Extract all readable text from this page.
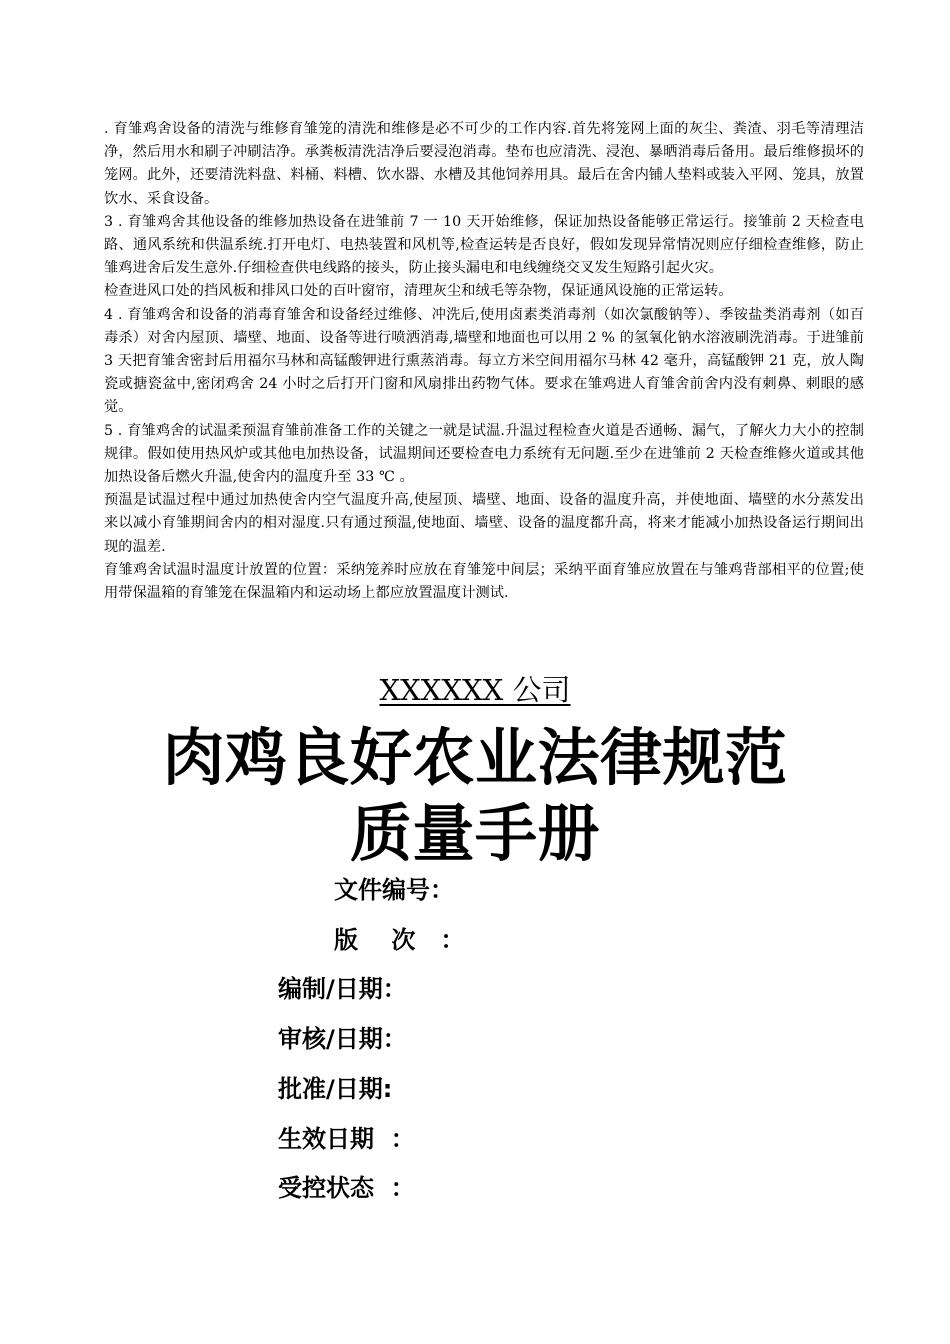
. 育雏鸡舍设备的清洗与维修育雏笼的清洗和维修是必不可少的工作内容.首先将笼网上面的灰尘、粪渣、羽毛等清理洁净，然后用水和刷子冲刷洁净。承粪板清洗洁净后要浸泡消毒。垫布也应清洗、浸泡、暴晒消毒后备用。最后维修损坏的笼网。此外，还要清洗料盘、料桶、料槽、饮水器、水槽及其他饲养用具。最后在舍内铺人垫料或装入平网、笼具，放置饮水、采食设备。

3 . 育雏鸡舍其他设备的维修加热设备在进雏前 7 一 10 天开始维修，保证加热设备能够正常运行。接雏前 2 天检查电路、通风系统和供温系统.打开电灯、电热装置和风机等,检查运转是否良好，假如发现异常情况则应仔细检查维修，防止雏鸡进舍后发生意外.仔细检查供电线路的接头，防止接头漏电和电线缠绕交叉发生短路引起火灾。

检查进风口处的挡风板和排风口处的百叶窗帘，清理灰尘和绒毛等杂物，保证通风设施的正常运转。

4 . 育雏鸡舍和设备的消毒育雏舍和设备经过维修、冲洗后,使用卤素类消毒剂（如次氯酸钠等）、季铵盐类消毒剂（如百毒杀）对舍内屋顶、墙壁、地面、设备等进行喷洒消毒,墙壁和地面也可以用 2 % 的氢氧化钠水溶液刷洗消毒。于进雏前 3 天把育雏舍密封后用福尔马林和高锰酸钾进行熏蒸消毒。每立方米空间用福尔马林 42 毫升，高锰酸钾 21 克，放人陶瓷或搪瓷盆中,密闭鸡舍 24 小时之后打开门窗和风扇排出药物气体。要求在雏鸡进人育雏舍前舍内没有刺鼻、刺眼的感觉。

5 . 育雏鸡舍的试温柔预温育雏前准备工作的关键之一就是试温.升温过程检查火道是否通畅、漏气，了解火力大小的控制规律。假如使用热风炉或其他电加热设备，试温期间还要检查电力系统有无问题.至少在进雏前 2 天检查维修火道或其他加热设备后燃火升温,使舍内的温度升至 33 ℃ 。

预温是试温过程中通过加热使舍内空气温度升高,使屋顶、墙壁、地面、设备的温度升高，并使地面、墙壁的水分蒸发出来以减小育雏期间舍内的相对湿度.只有通过预温,使地面、墙壁、设备的温度都升高，将来才能减小加热设备运行期间出现的温差.

育雏鸡舍试温时温度计放置的位置：采纳笼养时应放在育雏笼中间层；采纳平面育雏应放置在与雏鸡背部相平的位置;使用带保温箱的育雏笼在保温箱内和运动场上都应放置温度计测试.

XXXXXX 公司
肉鸡良好农业法律规范
质量手册
文件编号：
版    次   ：
编制/日期：
审核/日期：
批准/日期:
生效日期  ：
受控状态  ：
